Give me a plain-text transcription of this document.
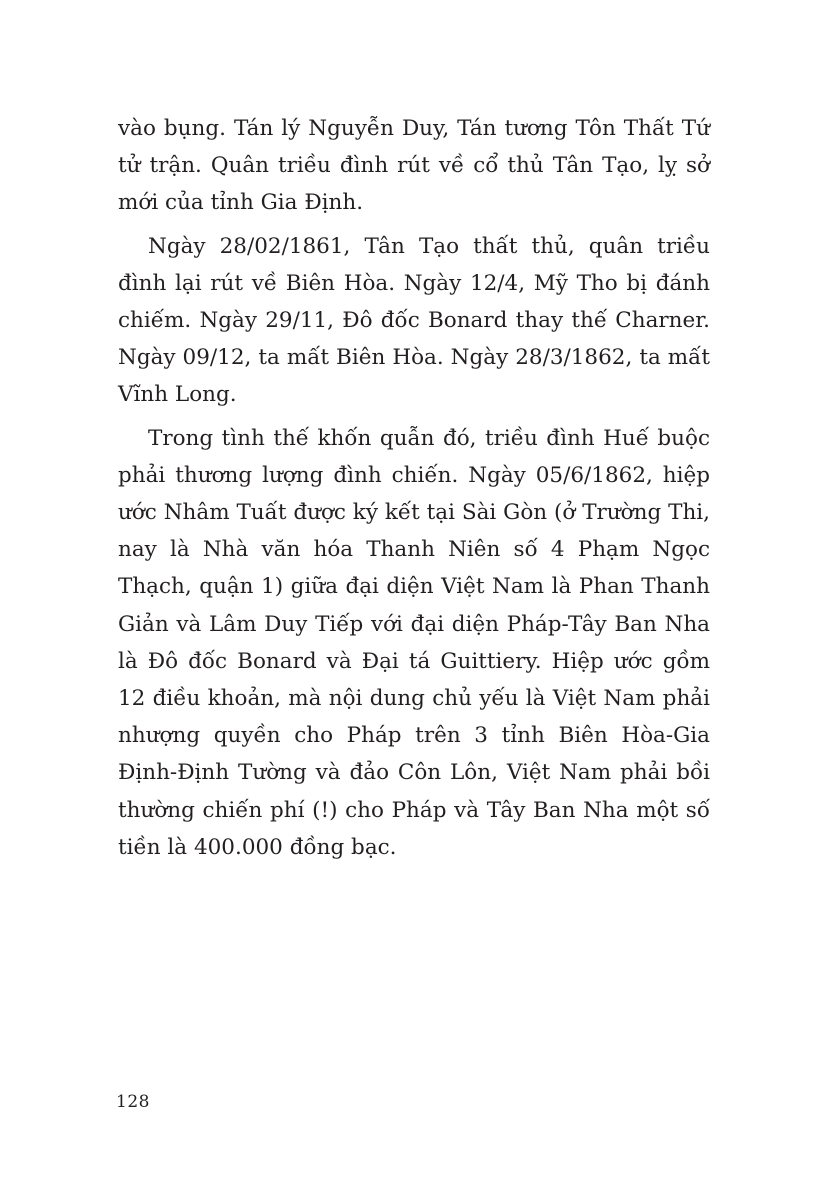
vào bụng. Tán lý Nguyễn Duy, Tán tương Tôn Thất Tứ tử trận. Quân triều đình rút về cổ thủ Tân Tạo, lỵ sở mới của tỉnh Gia Định.

Ngày 28/02/1861, Tân Tạo thất thủ, quân triều đình lại rút về Biên Hòa. Ngày 12/4, Mỹ Tho bị đánh chiếm. Ngày 29/11, Đô đốc Bonard thay thế Charner. Ngày 09/12, ta mất Biên Hòa. Ngày 28/3/1862, ta mất Vĩnh Long.

Trong tình thế khốn quẫn đó, triều đình Huế buộc phải thương lượng đình chiến. Ngày 05/6/1862, hiệp ước Nhâm Tuất được ký kết tại Sài Gòn (ở Trường Thi, nay là Nhà văn hóa Thanh Niên số 4 Phạm Ngọc Thạch, quận 1) giữa đại diện Việt Nam là Phan Thanh Giản và Lâm Duy Tiếp với đại diện Pháp-Tây Ban Nha là Đô đốc Bonard và Đại tá Guittiery. Hiệp ước gồm 12 điều khoản, mà nội dung chủ yếu là Việt Nam phải nhượng quyền cho Pháp trên 3 tỉnh Biên Hòa-Gia Định-Định Tường và đảo Côn Lôn, Việt Nam phải bồi thường chiến phí (!) cho Pháp và Tây Ban Nha một số tiền là 400.000 đồng bạc.

128
